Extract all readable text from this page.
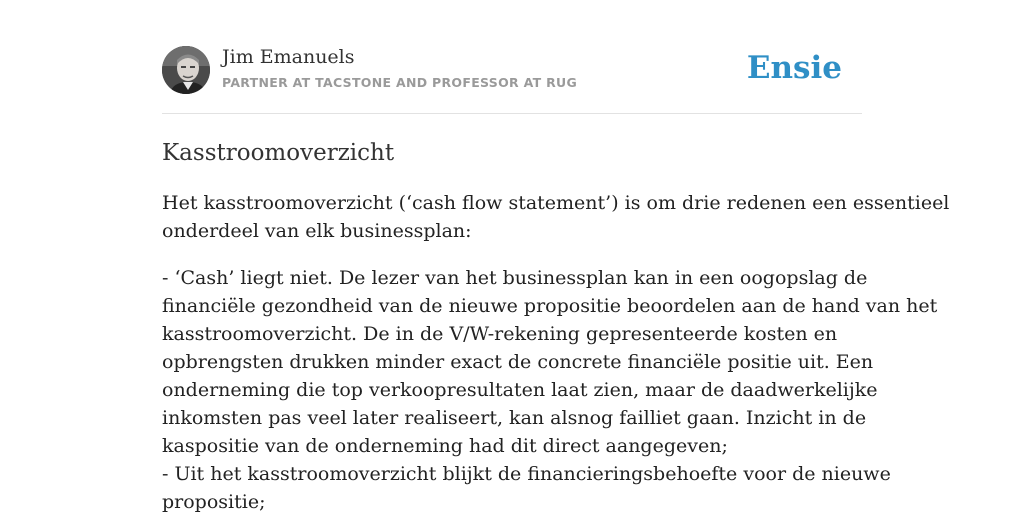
Jim Emanuels
PARTNER AT TACSTONE AND PROFESSOR AT RUG	Ensie
Kasstroomoverzicht

Het kasstroomoverzicht (‘cash flow statement’) is om drie redenen een essentieel
onderdeel van elk businessplan:

- ‘Cash’ liegt niet. De lezer van het businessplan kan in een oogopslag de
financiële gezondheid van de nieuwe propositie beoordelen aan de hand van het
kasstroomoverzicht. De in de V/W-rekening gepresenteerde kosten en
opbrengsten drukken minder exact de concrete financiële positie uit. Een
onderneming die top verkoopresultaten laat zien, maar de daadwerkelijke
inkomsten pas veel later realiseert, kan alsnog failliet gaan. Inzicht in de
kaspositie van de onderneming had dit direct aangegeven;
- Uit het kasstroomoverzicht blijkt de financieringsbehoefte voor de nieuwe
propositie;
